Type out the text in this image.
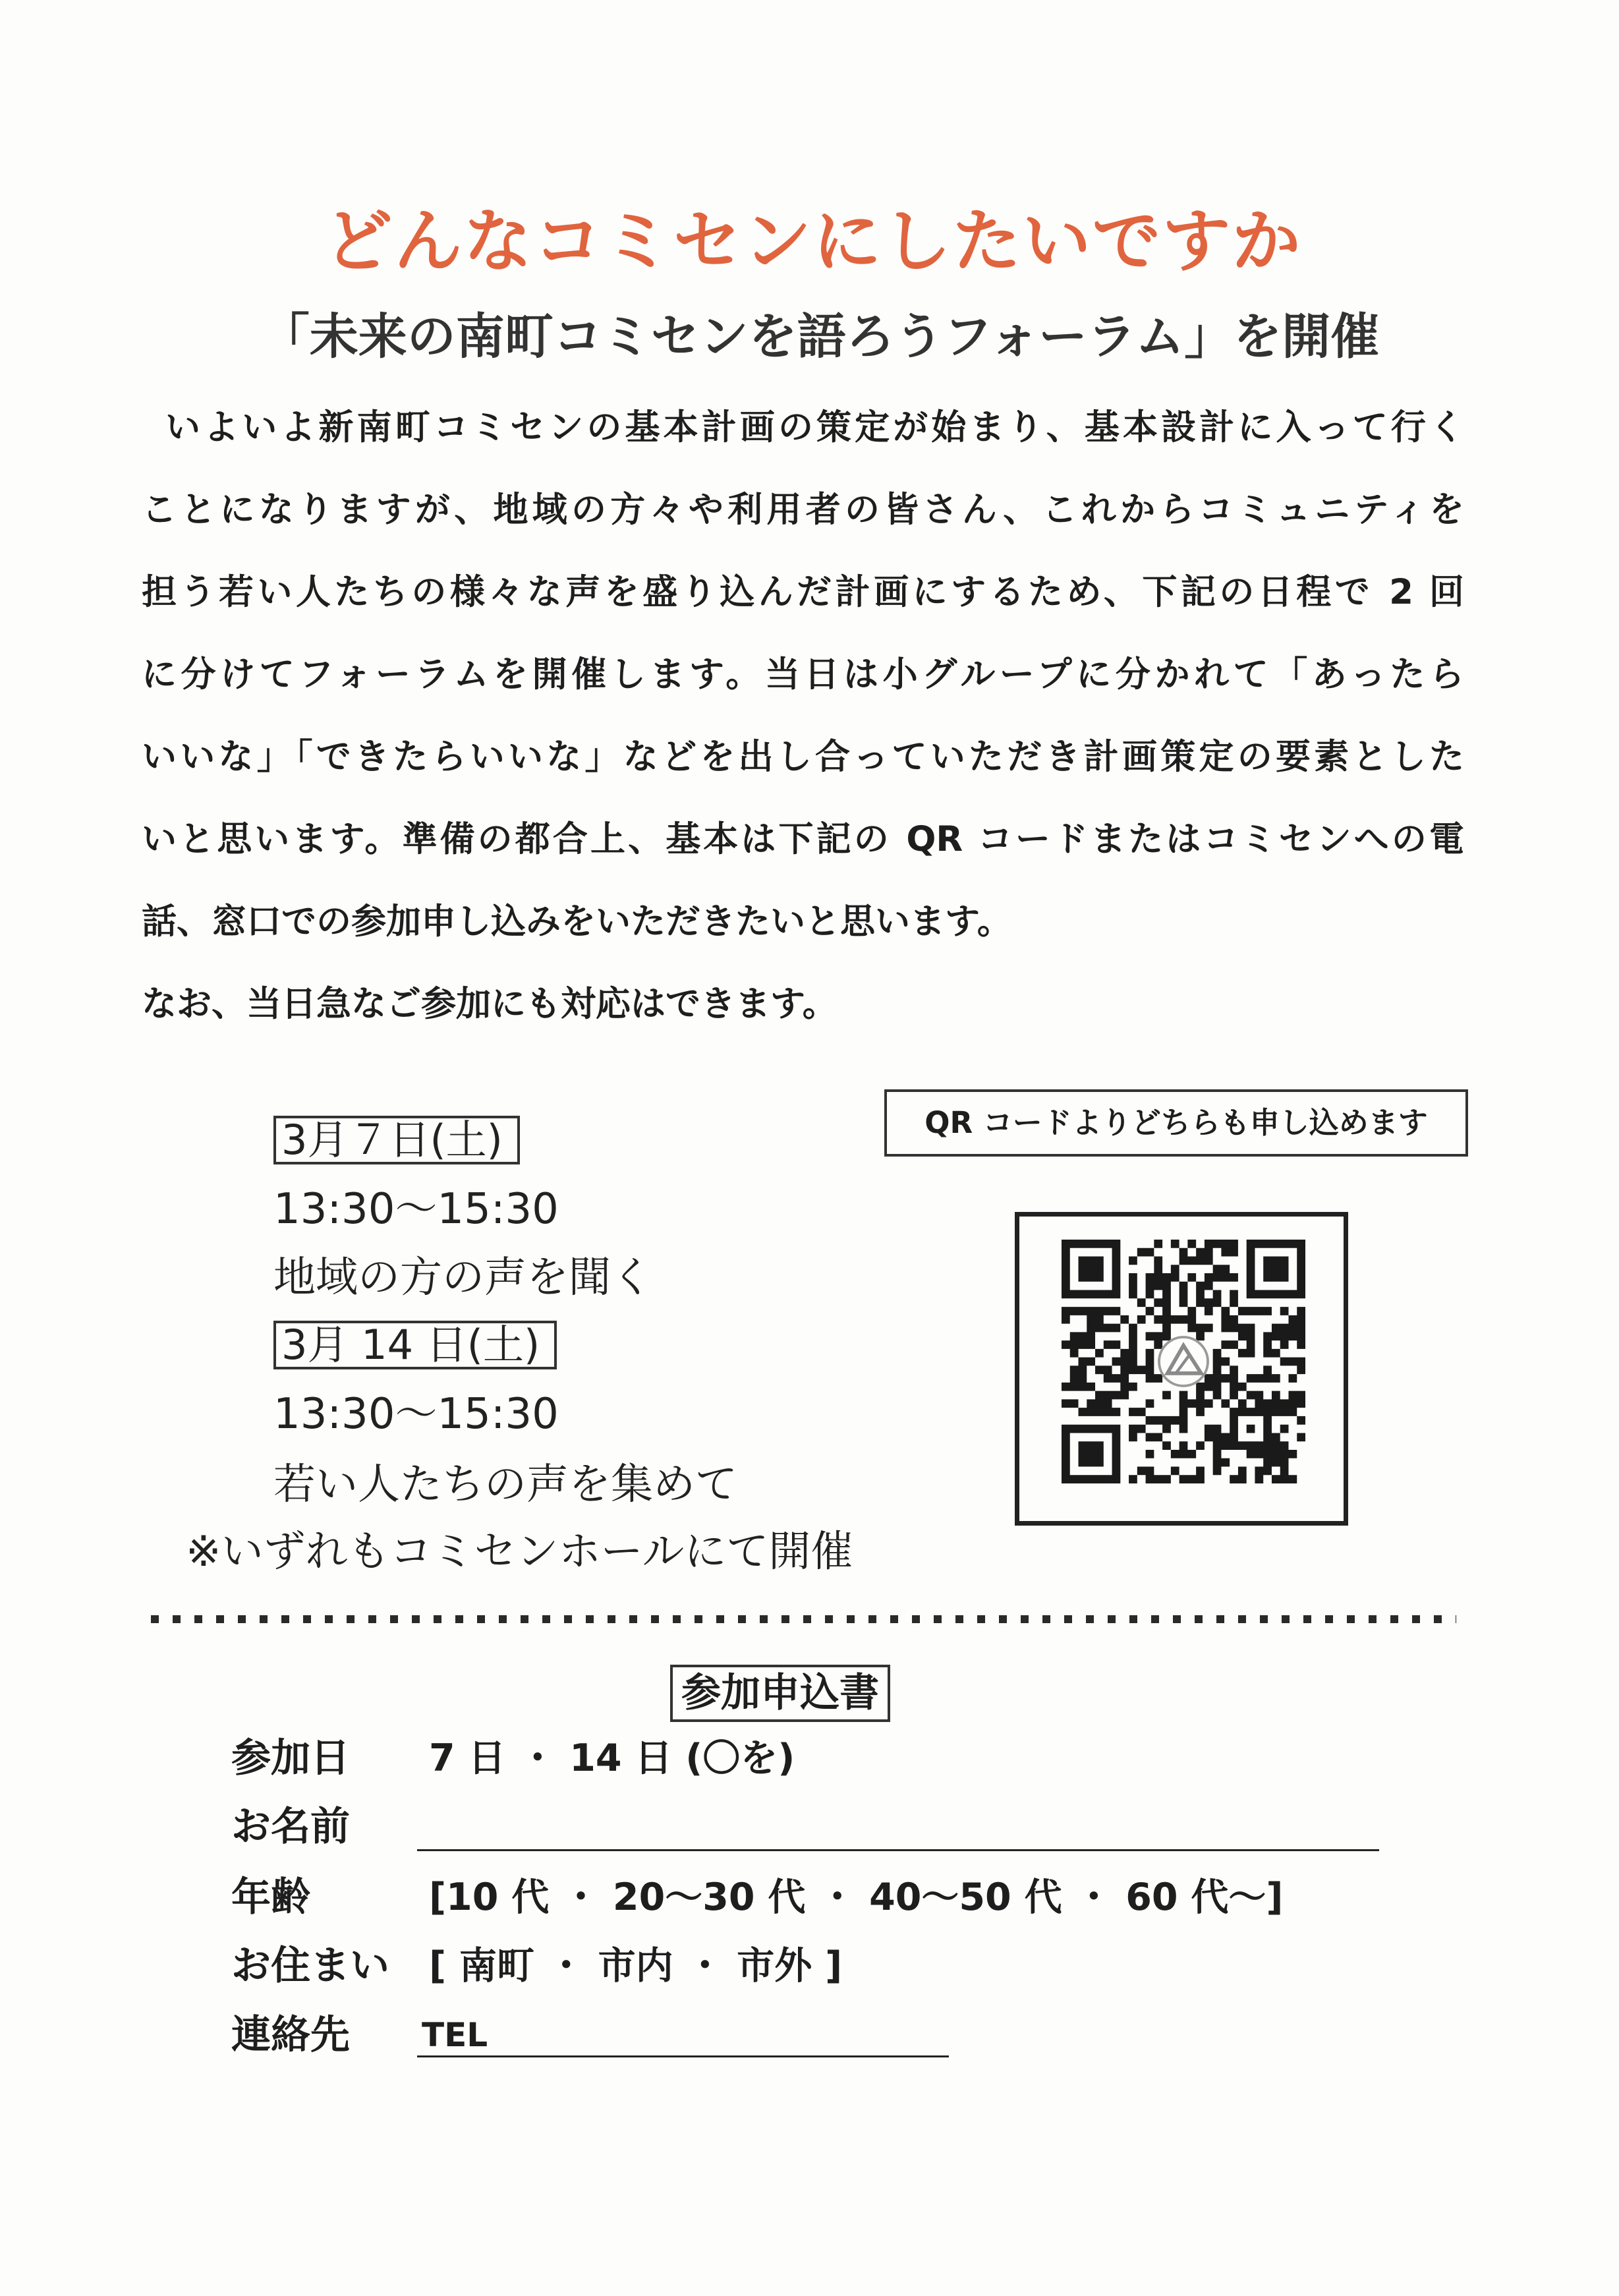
どんなコミセンにしたいですか
「未来の南町コミセンを語ろうフォーラム」を開催
いよいよ新南町コミセンの基本計画の策定が始まり、基本設計に入って行く
ことになりますが、地域の方々や利用者の皆さん、これからコミュニティを
担う若い人たちの様々な声を盛り込んだ計画にするため、下記の日程で 2 回
に分けてフォーラムを開催します。当日は小グループに分かれて「あったら
いいな」「できたらいいな」などを出し合っていただき計画策定の要素とした
いと思います。準備の都合上、基本は下記の QR コードまたはコミセンへの電
話、窓口での参加申し込みをいただきたいと思います。
なお、当日急なご参加にも対応はできます。
3月７日(土)
13:30～15:30
地域の方の声を聞く
3月 14 日(土)
13:30～15:30
若い人たちの声を集めて
※いずれもコミセンホールにて開催
QR コードよりどちらも申し込めます
参加申込書
参加日 7 日 ・ 14 日 (〇を)
お名前
年齢	[10 代 ・ 20～30 代 ・ 40～50 代 ・ 60 代～]
お住まい [ 南町 ・ 市内 ・ 市外 ]
連絡先 TEL
